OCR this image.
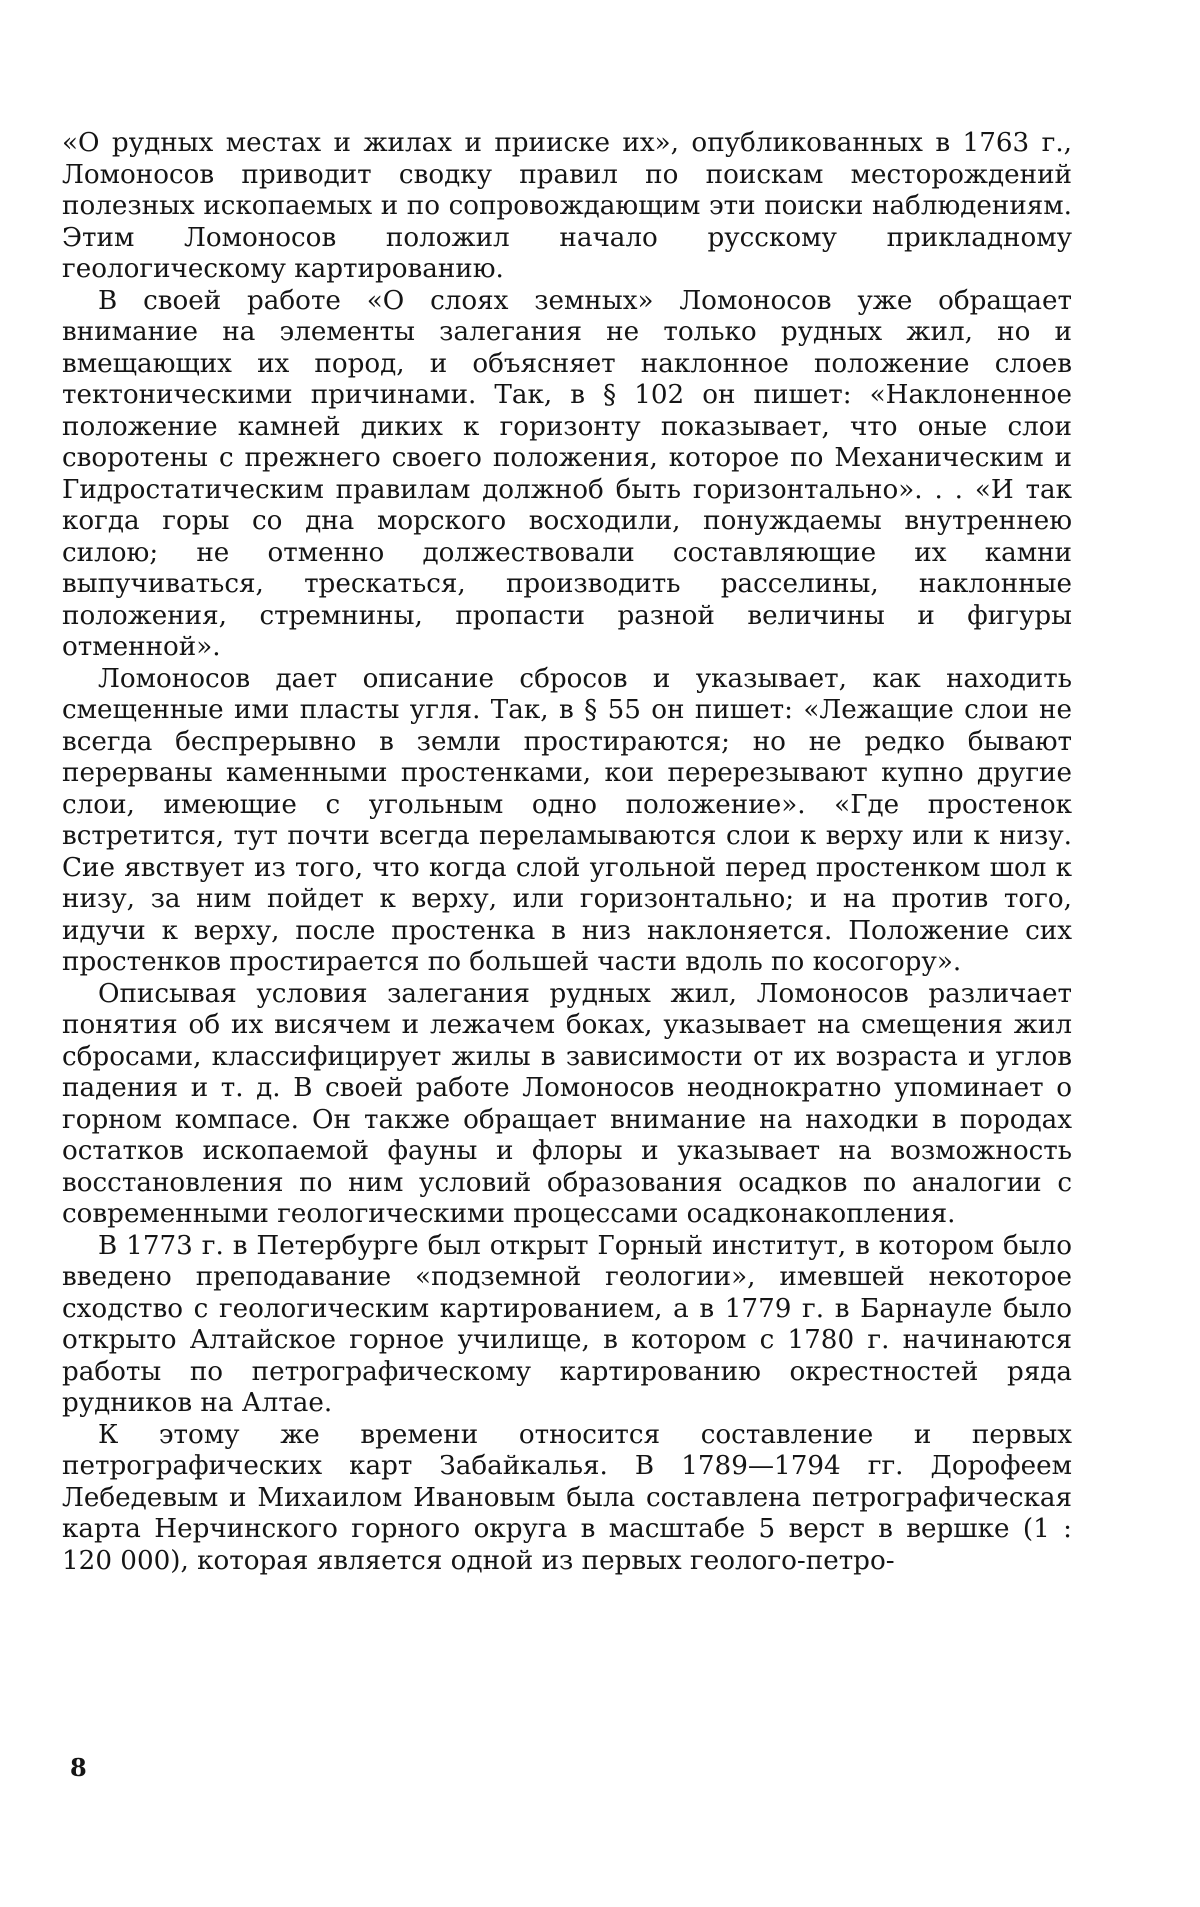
«О рудных местах и жилах и приискe их», опубликованных в 1763 г., Ломоносов приводит сводку правил по поискам месторождений полезных ископаемых и по сопровождающим эти поиски наблюдениям. Этим Ломоносов положил начало русскому прикладному геологическому картированию.

В своей работе «О слоях земных» Ломоносов уже обращает внимание на элементы залегания не только рудных жил, но и вмещающих их пород, и объясняет наклонное положение слоев тектоническими причинами. Так, в § 102 он пишет: «Наклоненное положение камней диких к горизонту показывает, что оные слои своротены с прежнего своего положения, которое по Механическим и Гидростатическим правилам должнoб быть горизонтально». . . «И так когда горы со дна морского восходили, понуждаемы внутреннею силою; не отменно должествовали составляющие их камни выпучиваться, трескаться, производить расселины, наклонные положения, стремнины, пропасти разной величины и фигуры отменной».

Ломоносов дает описание сбросов и указывает, как находить смещенные ими пласты угля. Так, в § 55 он пишет: «Лежащие слои не всегда беспрерывно в земли простираются; но не редко бывают перерваны каменными простенками, кои перерезывают купно другие слои, имеющие с угольным одно положение». «Где простенок встретится, тут почти всегда переламываются слои к верху или к низу. Сие явствует из того, что когда слой угольной перед простенком шол к низу, за ним пойдет к верху, или горизонтально; и на против того, идучи к верху, после простенка в низ наклоняется. Положение сих простенков простирается по большей части вдоль по косогору».

Описывая условия залегания рудных жил, Ломоносов различает понятия об их висячем и лежачем боках, указывает на смещения жил сбросами, классифицирует жилы в зависимости от их возраста и углов падения и т. д. В своей работе Ломоносов неоднократно упоминает о горном компасе. Он также обращает внимание на находки в породах остатков ископаемой фауны и флоры и указывает на возможность восстановления по ним условий образования осадков по аналогии с современными геологическими процессами осадконакопления.

В 1773 г. в Петербурге был открыт Горный институт, в котором было введено преподавание «подземной геологии», имевшей некоторое сходство с геологическим картированием, а в 1779 г. в Барнауле было открыто Алтайское горное училище, в котором с 1780 г. начинаются работы по петрографическому картированию окрестностей ряда рудников на Алтае.

К этому же времени относится составление и первых петрографических карт Забайкалья. В 1789—1794 гг. Дорофеем Лебедевым и Михаилом Ивановым была составлена петрографическая карта Нерчинского горного округа в масштабе 5 верст в вершке (1 : 120 000), которая является одной из первых геолого-петро-

8
